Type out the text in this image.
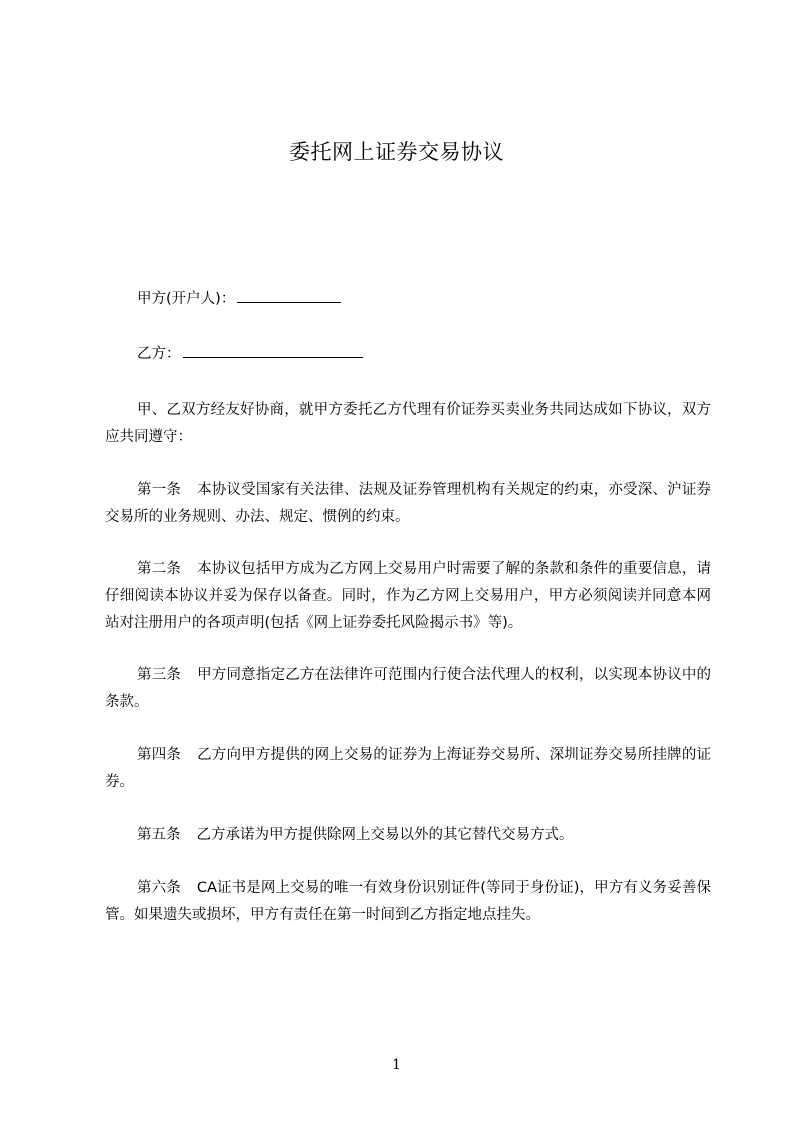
委托网上证券交易协议
甲方(开户人)：
乙方：
甲、乙双方经友好协商，就甲方委托乙方代理有价证券买卖业务共同达成如下协议，双方应共同遵守：
第一条 本协议受国家有关法律、法规及证券管理机构有关规定的约束，亦受深、沪证券交易所的业务规则、办法、规定、惯例的约束。
第二条 本协议包括甲方成为乙方网上交易用户时需要了解的条款和条件的重要信息，请仔细阅读本协议并妥为保存以备查。同时，作为乙方网上交易用户，甲方必须阅读并同意本网站对注册用户的各项声明(包括《网上证券委托风险揭示书》等)。
第三条 甲方同意指定乙方在法律许可范围内行使合法代理人的权利，以实现本协议中的条款。
第四条 乙方向甲方提供的网上交易的证券为上海证券交易所、深圳证券交易所挂牌的证券。
第五条 乙方承诺为甲方提供除网上交易以外的其它替代交易方式。
第六条 CA证书是网上交易的唯一有效身份识别证件(等同于身份证)，甲方有义务妥善保管。如果遗失或损坏，甲方有责任在第一时间到乙方指定地点挂失。
1
